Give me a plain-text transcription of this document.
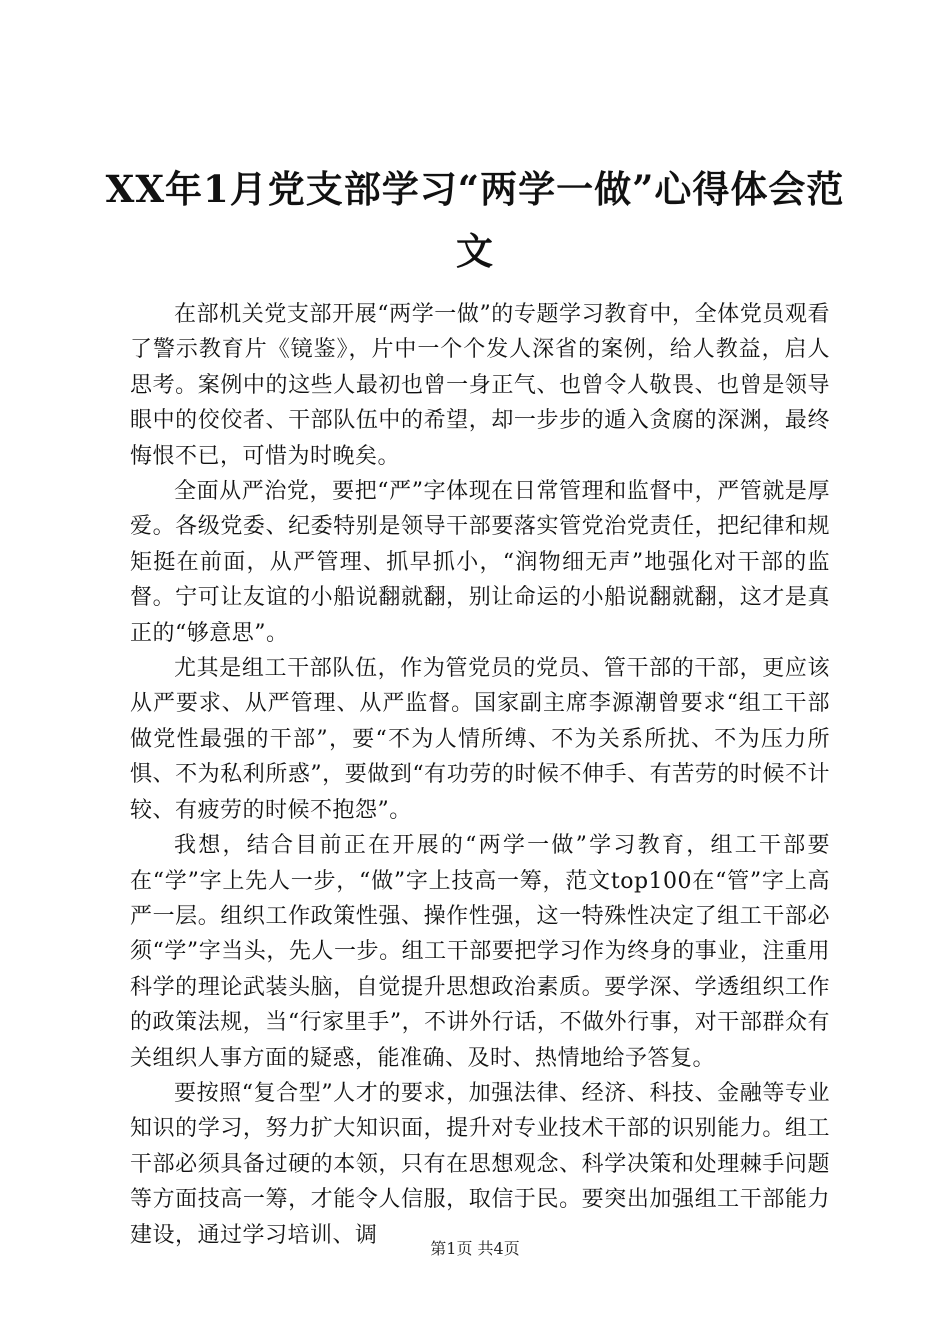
XX年1月党支部学习“两学一做”心得体会范文

在部机关党支部开展“两学一做”的专题学习教育中，全体党员观看了警示教育片《镜鉴》，片中一个个发人深省的案例，给人教益，启人思考。案例中的这些人最初也曾一身正气、也曾令人敬畏、也曾是领导眼中的佼佼者、干部队伍中的希望，却一步步的遁入贪腐的深渊，最终悔恨不已，可惜为时晚矣。

全面从严治党，要把“严”字体现在日常管理和监督中，严管就是厚爱。各级党委、纪委特别是领导干部要落实管党治党责任，把纪律和规矩挺在前面，从严管理、抓早抓小，“润物细无声”地强化对干部的监督。宁可让友谊的小船说翻就翻，别让命运的小船说翻就翻，这才是真正的“够意思”。

尤其是组工干部队伍，作为管党员的党员、管干部的干部，更应该从严要求、从严管理、从严监督。国家副主席李源潮曾要求“组工干部做党性最强的干部”，要“不为人情所缚、不为关系所扰、不为压力所惧、不为私利所惑”，要做到“有功劳的时候不伸手、有苦劳的时候不计较、有疲劳的时候不抱怨”。

我想，结合目前正在开展的“两学一做”学习教育，组工干部要在“学”字上先人一步，“做”字上技高一筹，范文top100在“管”字上高严一层。组织工作政策性强、操作性强，这一特殊性决定了组工干部必须“学”字当头，先人一步。组工干部要把学习作为终身的事业，注重用科学的理论武装头脑，自觉提升思想政治素质。要学深、学透组织工作的政策法规，当“行家里手”，不讲外行话，不做外行事，对干部群众有关组织人事方面的疑惑，能准确、及时、热情地给予答复。

要按照“复合型”人才的要求，加强法律、经济、科技、金融等专业知识的学习，努力扩大知识面，提升对专业技术干部的识别能力。组工干部必须具备过硬的本领，只有在思想观念、科学决策和处理棘手问题等方面技高一筹，才能令人信服，取信于民。要突出加强组工干部能力建设，通过学习培训、调

第1页 共4页
